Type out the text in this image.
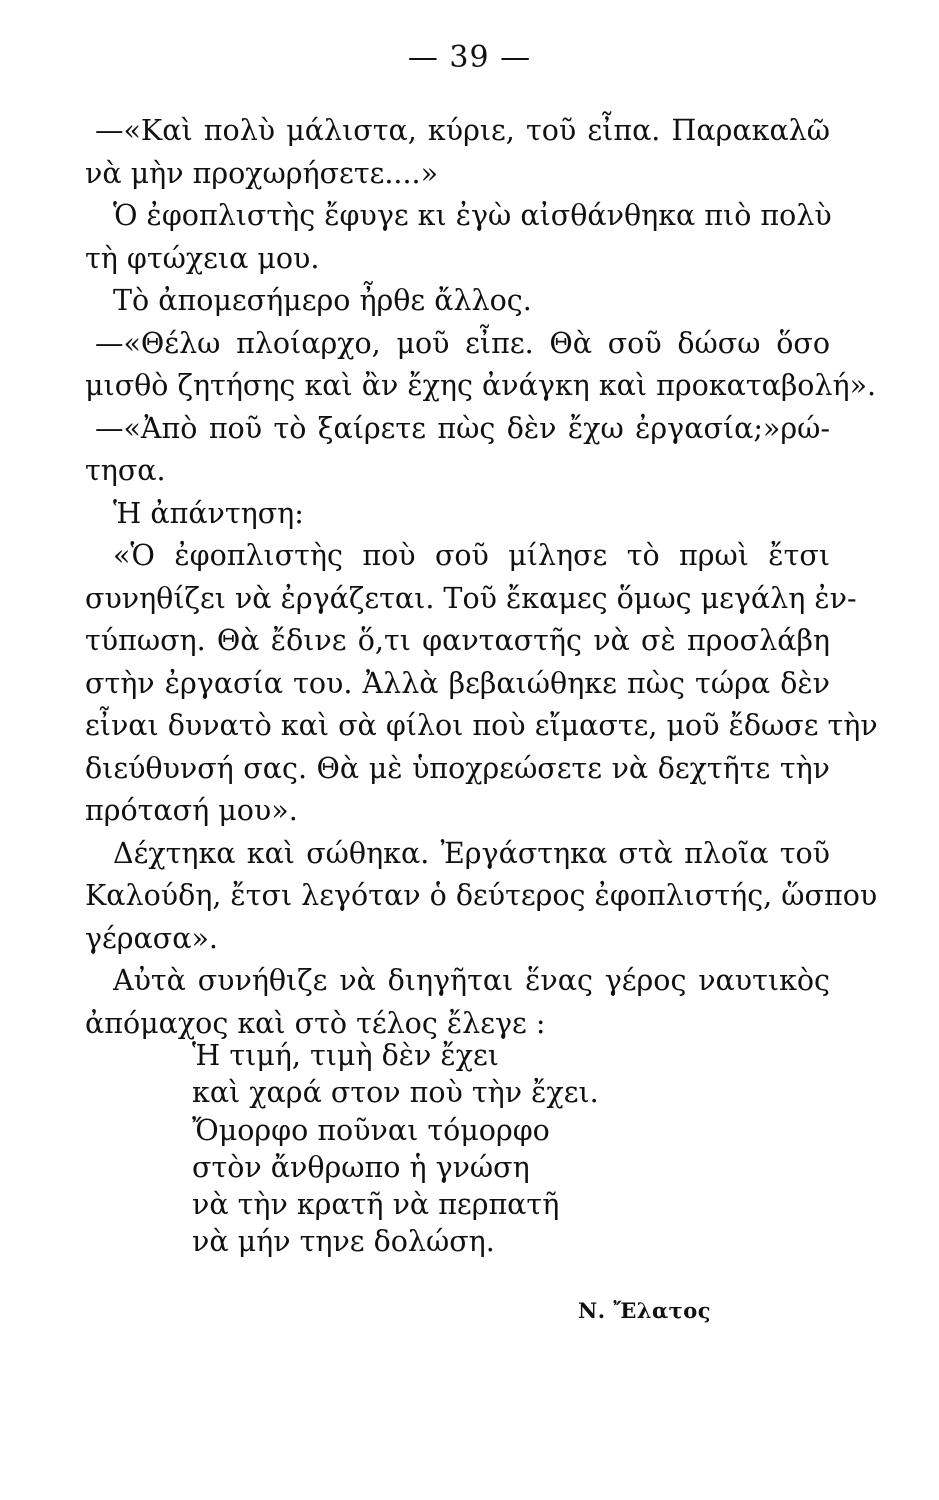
— 39 —
—«Καὶ πολὺ μάλιστα, κύριε, τοῦ εἶπα. Παρακαλῶ
νὰ μὴν προχωρήσετε....»
Ὁ ἐφοπλιστὴς ἔφυγε κι ἐγὼ αἰσθάνθηκα πιὸ πολὺ
τὴ φτώχεια μου.
Τὸ ἀπομεσήμερο ἦρθε ἄλλος.
—«Θέλω πλοίαρχο, μοῦ εἶπε. Θὰ σοῦ δώσω ὅσο
μισθὸ ζητήσης καὶ ἂν ἔχης ἀνάγκη καὶ προκαταβολή».
—«Ἀπὸ ποῦ τὸ ξαίρετε πὼς δὲν ἔχω ἐργασία;»ρώ-
τησα.
Ἡ ἀπάντηση:
«Ὁ ἐφοπλιστὴς ποὺ σοῦ μίλησε τὸ πρωὶ ἔτσι
συνηθίζει νὰ ἐργάζεται. Τοῦ ἔκαμες ὅμως μεγάλη ἐν-
τύπωση. Θὰ ἔδινε ὅ,τι φανταστῆς νὰ σὲ προσλάβη
στὴν ἐργασία του. Ἀλλὰ βεβαιώθηκε πὼς τώρα δὲν
εἶναι δυνατὸ καὶ σὰ φίλοι ποὺ εἴμαστε, μοῦ ἔδωσε τὴν
διεύθυνσή σας. Θὰ μὲ ὑποχρεώσετε νὰ δεχτῆτε τὴν
πρότασή μου».
Δέχτηκα καὶ σώθηκα. Ἐργάστηκα στὰ πλοῖα τοῦ
Καλούδη, ἔτσι λεγόταν ὁ δεύτερος ἐφοπλιστής, ὥσπου
γέρασα».
Αὐτὰ συνήθιζε νὰ διηγῆται ἕνας γέρος ναυτικὸς
ἀπόμαχος καὶ στὸ τέλος ἔλεγε :
Ἡ τιμή, τιμὴ δὲν ἔχει
καὶ χαρά στον ποὺ τὴν ἔχει.
Ὄμορφο ποῦναι τόμορφο
στὸν ἄνθρωπο ἡ γνώση
νὰ τὴν κρατῆ νὰ περπατῆ
νὰ μήν τηνε δολώση.
Ν. Ἔλατος
